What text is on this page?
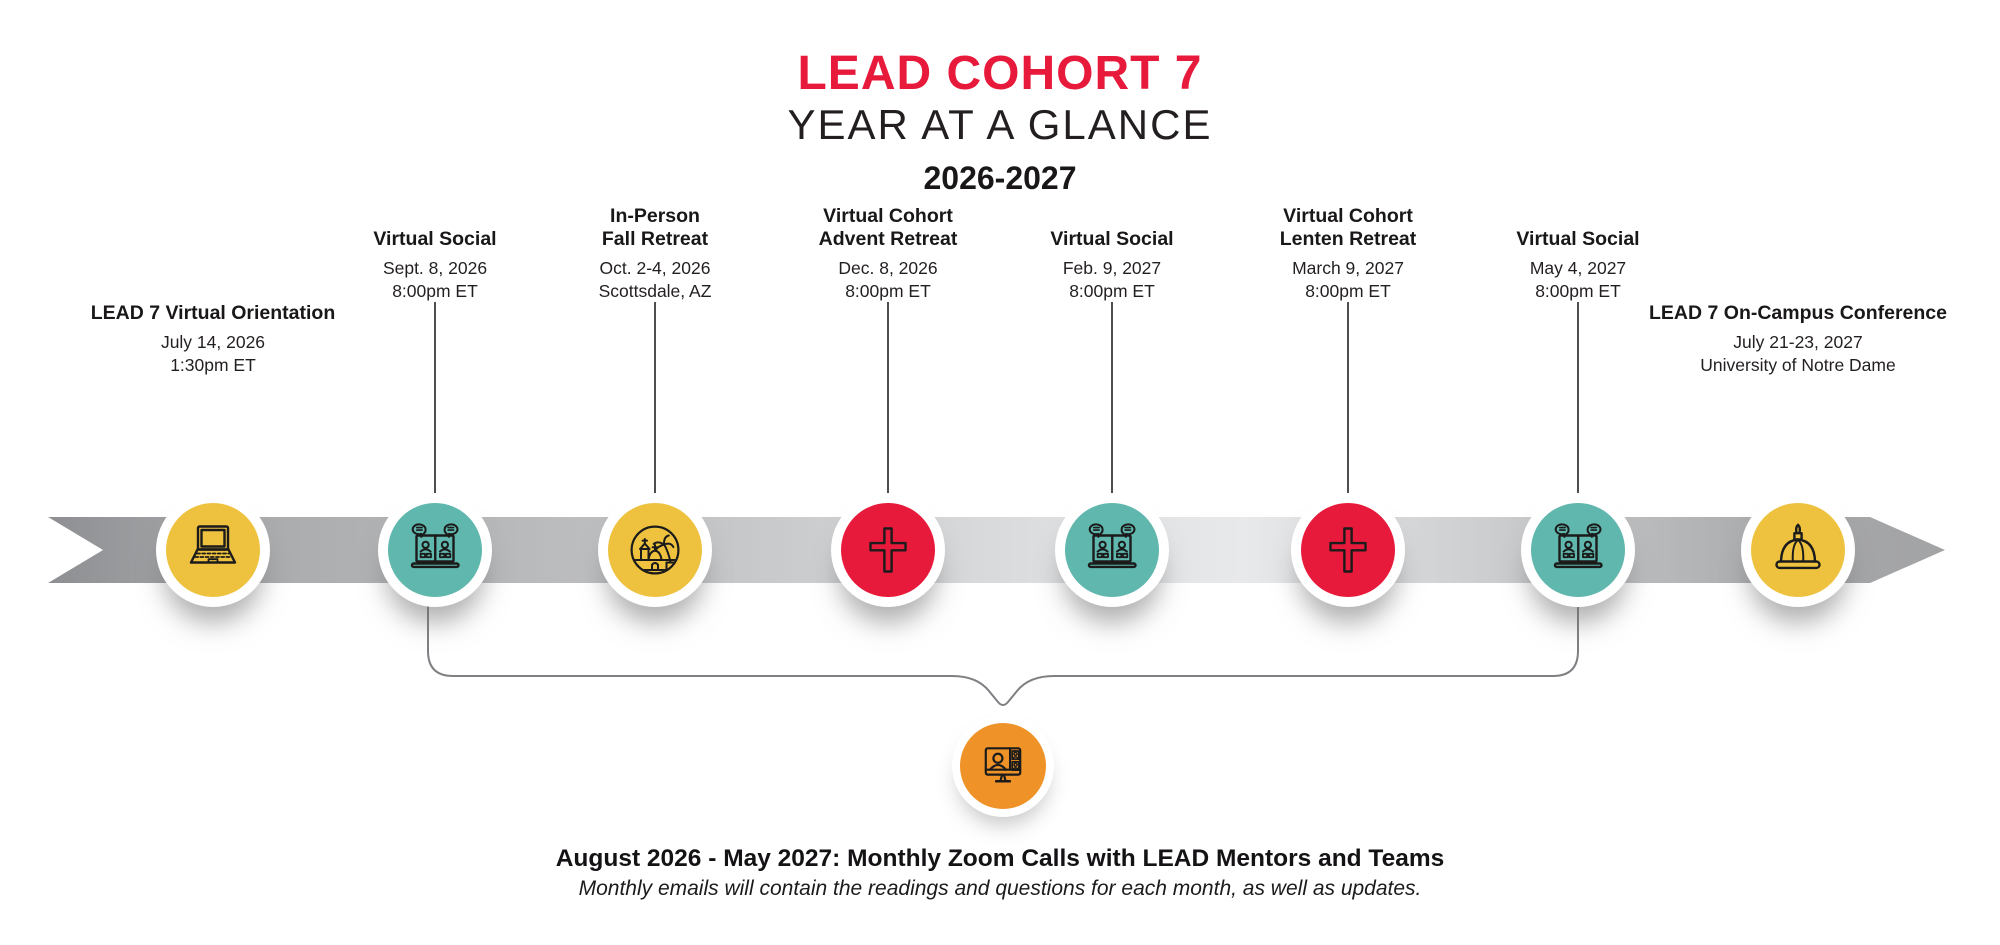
LEAD COHORT 7
YEAR AT A GLANCE
2026-2027
LEAD 7 Virtual Orientation
July 14, 2026
1:30pm ET
Virtual Social
Sept. 8, 2026
8:00pm ET
In-Person
Fall Retreat
Oct. 2-4, 2026
Scottsdale, AZ
Virtual Cohort
Advent Retreat
Dec. 8, 2026
8:00pm ET
Virtual Social
Feb. 9, 2027
8:00pm ET
Virtual Cohort
Lenten Retreat
March 9, 2027
8:00pm ET
Virtual Social
May 4, 2027
8:00pm ET
LEAD 7 On-Campus Conference
July 21-23, 2027
University of Notre Dame
August 2026 - May 2027: Monthly Zoom Calls with LEAD Mentors and Teams
Monthly emails will contain the readings and questions for each month, as well as updates.
